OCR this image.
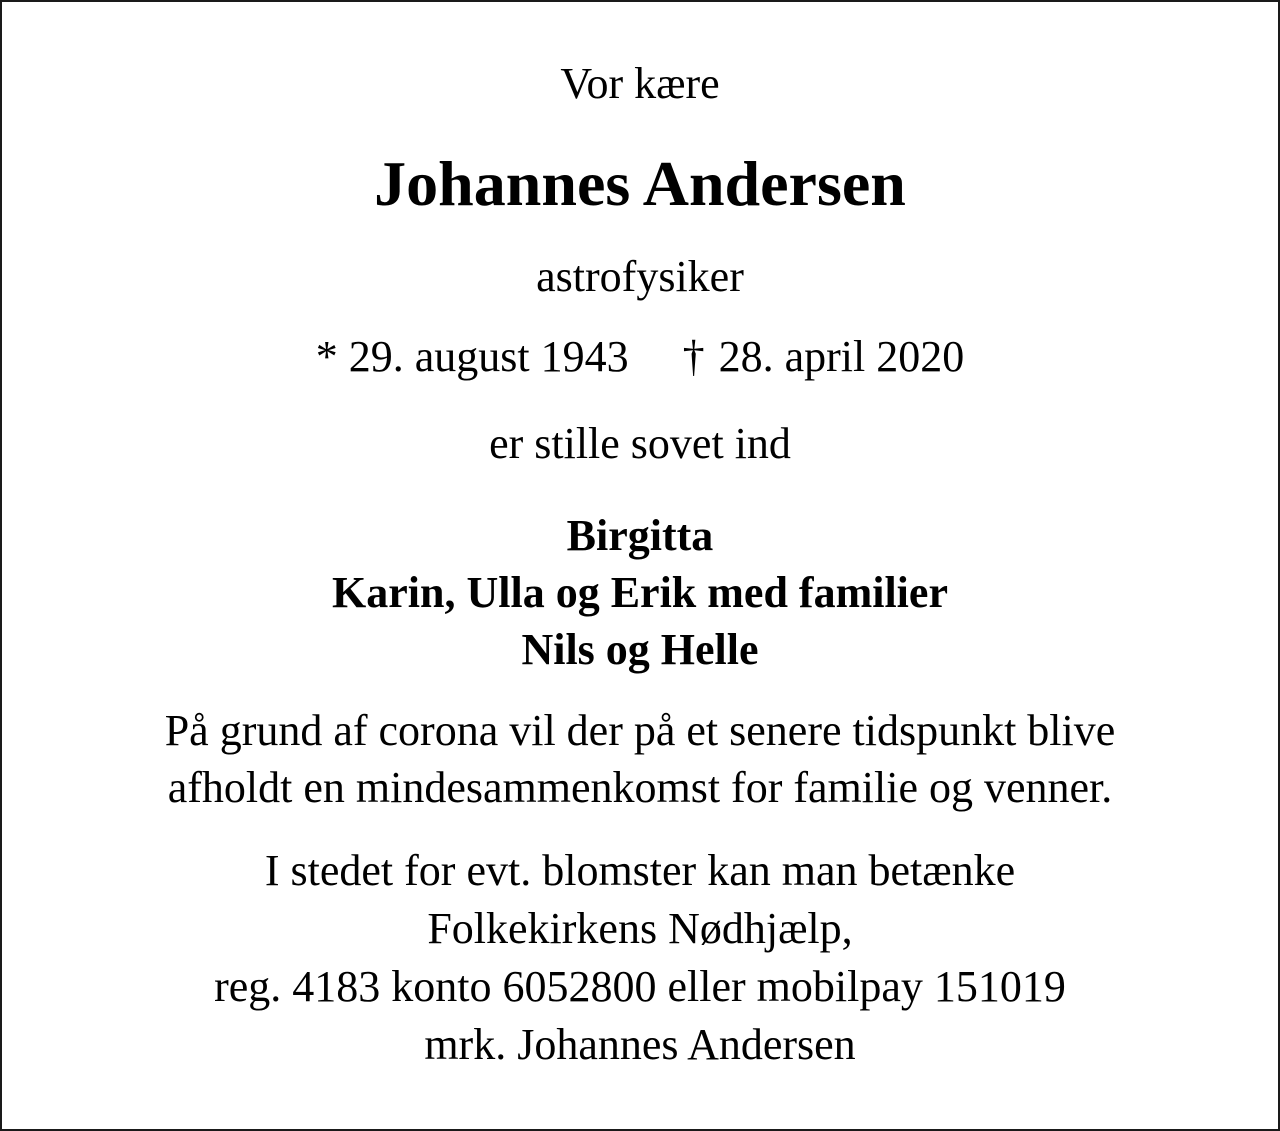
Vor kære
Johannes Andersen
astrofysiker
* 29. august 1943 † 28. april 2020
er stille sovet ind
Birgitta
Karin, Ulla og Erik med familier
Nils og Helle
På grund af corona vil der på et senere tidspunkt blive
afholdt en mindesammenkomst for familie og venner.
I stedet for evt. blomster kan man betænke
Folkekirkens Nødhjælp,
reg. 4183 konto 6052800 eller mobilpay 151019
mrk. Johannes Andersen
